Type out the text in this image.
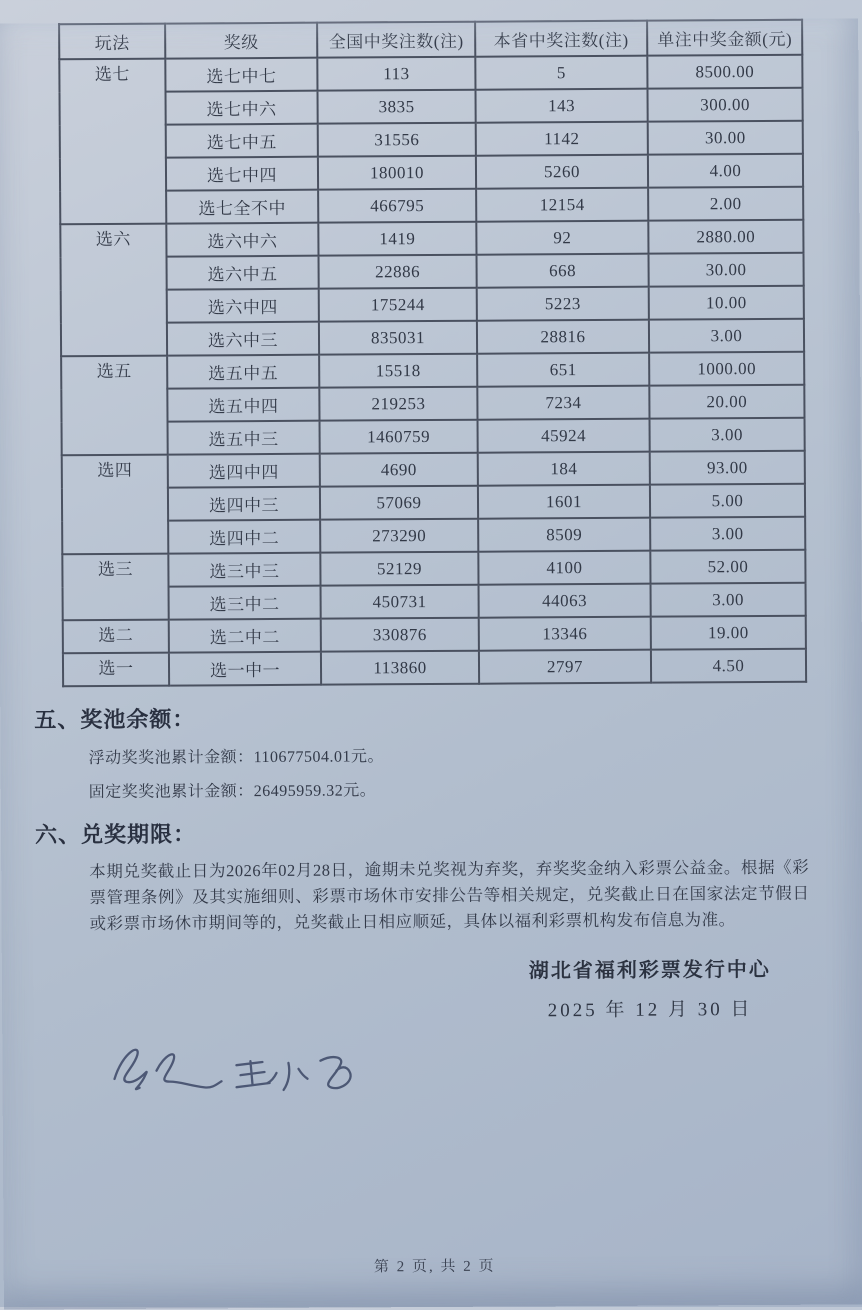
玩法	奖级	全国中奖注数(注)	本省中奖注数(注)	单注中奖金额(元)
选七	选七中七	113	5	8500.00
	选七中六	3835	143	300.00
	选七中五	31556	1142	30.00
	选七中四	180010	5260	4.00
	选七全不中	466795	12154	2.00
选六	选六中六	1419	92	2880.00
	选六中五	22886	668	30.00
	选六中四	175244	5223	10.00
	选六中三	835031	28816	3.00
选五	选五中五	15518	651	1000.00
	选五中四	219253	7234	20.00
	选五中三	1460759	45924	3.00
选四	选四中四	4690	184	93.00
	选四中三	57069	1601	5.00
	选四中二	273290	8509	3.00
选三	选三中三	52129	4100	52.00
	选三中二	450731	44063	3.00
选二	选二中二	330876	13346	19.00
选一	选一中一	113860	2797	4.50
五、奖池余额：
浮动奖奖池累计金额：110677504.01元。
固定奖奖池累计金额：26495959.32元。
六、兑奖期限：
本期兑奖截止日为2026年02月28日，逾期未兑奖视为弃奖，弃奖奖金纳入彩票公益金。根据《彩票管理条例》及其实施细则、彩票市场休市安排公告等相关规定，兑奖截止日在国家法定节假日或彩票市场休市期间等的，兑奖截止日相应顺延，具体以福利彩票机构发布信息为准。
湖北省福利彩票发行中心
2025 年 12 月 30 日
第 2 页, 共 2 页
